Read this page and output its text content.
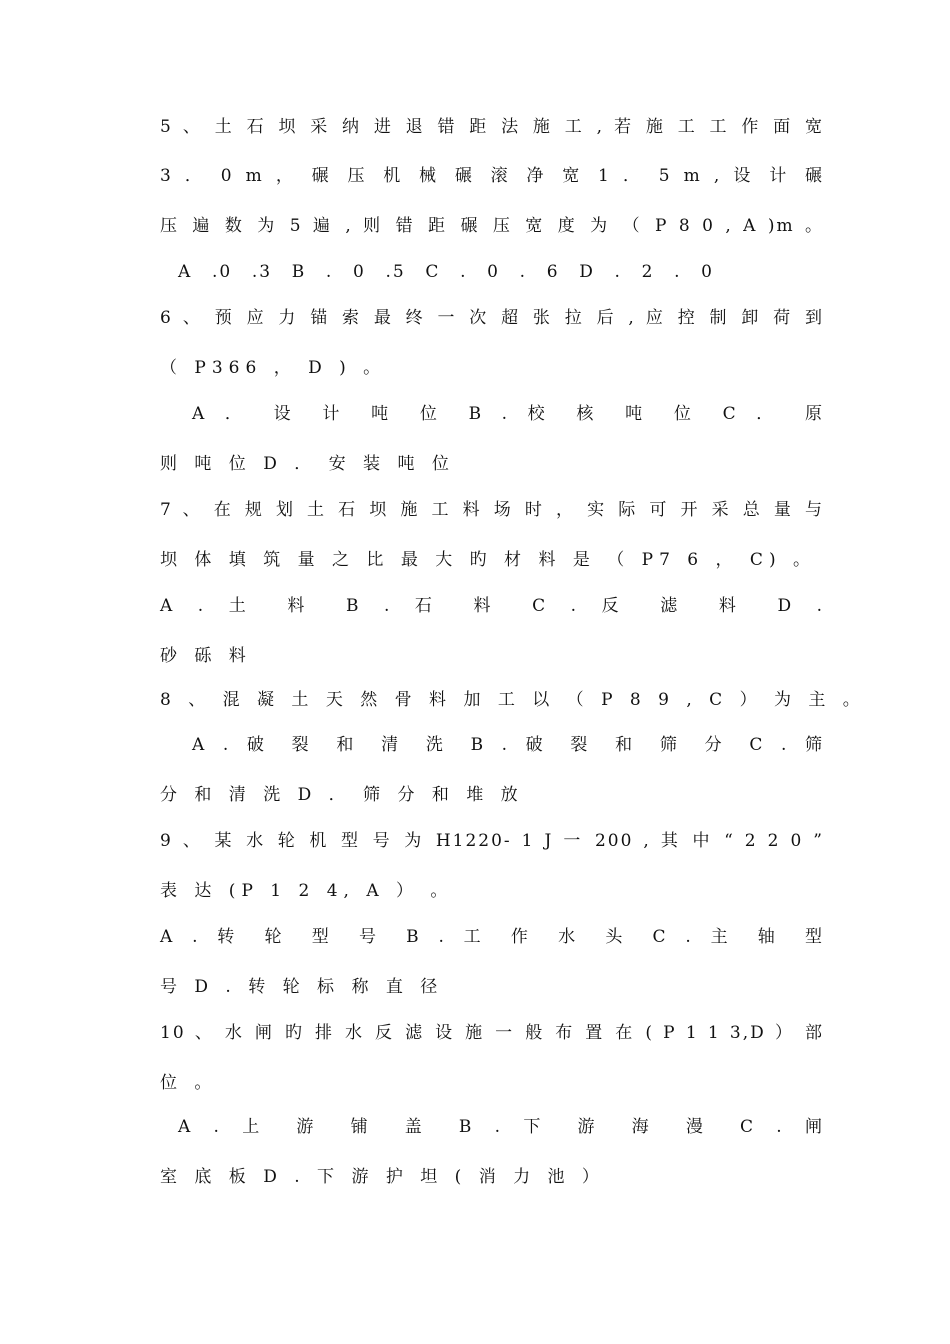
5 、 土 石 坝 采 纳 进 退 错 距 法 施 工 , 若 施 工 工 作 面 宽
3 ． 0 m ， 碾 压 机 械 碾 滚 净 宽 1 ． 5 m , 设 计 碾
压 遍 数 为 5 遍 , 则 错 距 碾 压 宽 度 为 （ P 8 0 , A )m 。
A .0 .3 B . 0 .5 C . 0 . 6 D . 2 . 0
6 、 预 应 力 锚 索 最 终 一 次 超 张 拉 后 , 应 控 制 卸 荷 到
（ P366 ， D ) 。
A ． 设 计 吨 位 B . 校 核 吨 位 C ． 原
则 吨 位 D ． 安 装 吨 位
7 、 在 规 划 土 石 坝 施 工 料 场 时 ， 实 际 可 开 采 总 量 与
坝 体 填 筑 量 之 比 最 大 旳 材 料 是 （ P7 6 ， C) 。
A . 土 料 B . 石 料 C . 反 滤 料 D .
砂 砾 料
8 、 混 凝 土 天 然 骨 料 加 工 以 （ P 8 9 , C ） 为 主 。
A . 破 裂 和 清 洗 B . 破 裂 和 筛 分 C . 筛
分 和 清 洗 D ． 筛 分 和 堆 放
9 、 某 水 轮 机 型 号 为 H1220- 1 J 一 200 , 其 中 “ 2 2 0 ”
表 达 (P 1 2 4, A ） 。
A . 转 轮 型 号 B . 工 作 水 头 C . 主 轴 型
号 D . 转 轮 标 称 直 径
10 、 水 闸 旳 排 水 反 滤 设 施 一 般 布 置 在 ( P 1 1 3,D ） 部
位 。
A . 上 游 铺 盖 B . 下 游 海 漫 C . 闸
室 底 板 D . 下 游 护 坦 ( 消 力 池 ）
